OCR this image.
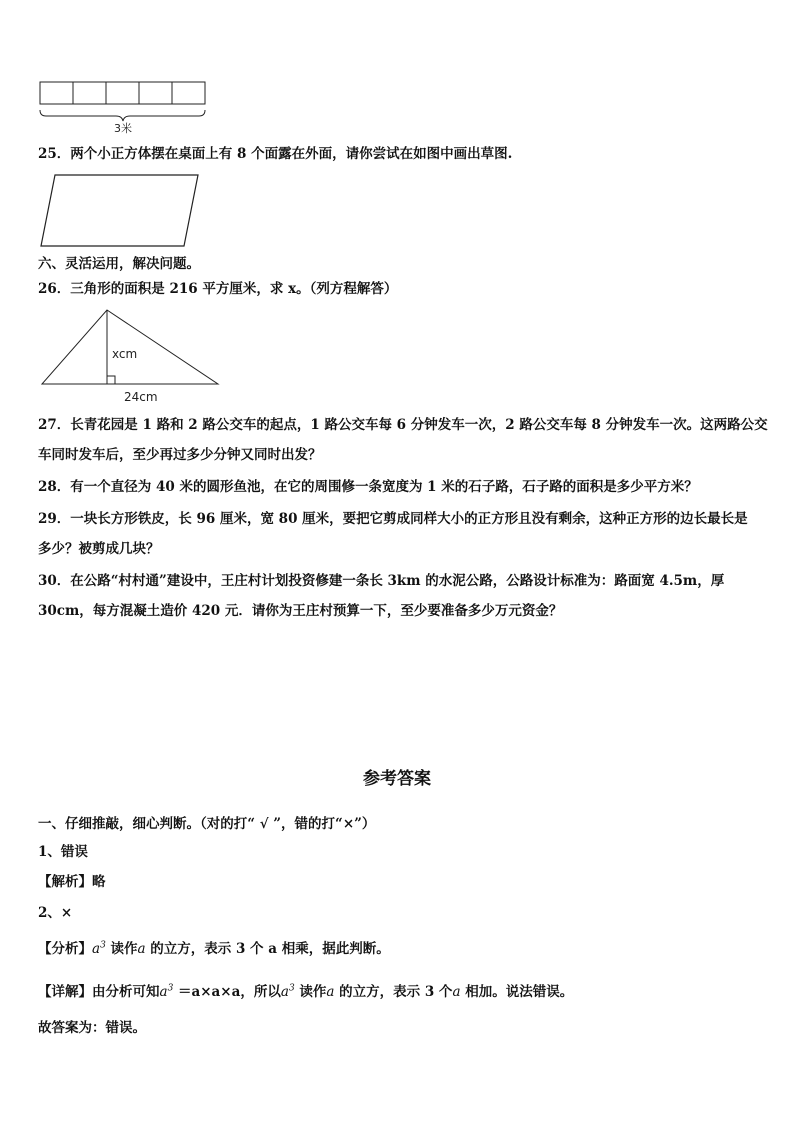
3米
25．两个小正方体摆在桌面上有 8 个面露在外面，请你尝试在如图中画出草图.
六、灵活运用，解决问题。
26．三角形的面积是 216 平方厘米，求 x。（列方程解答）
xcm
24cm
27．长青花园是 1 路和 2 路公交车的起点，1 路公交车每 6 分钟发车一次，2 路公交车每 8 分钟发车一次。这两路公交
车同时发车后，至少再过多少分钟又同时出发？
28．有一个直径为 40 米的圆形鱼池，在它的周围修一条宽度为 1 米的石子路，石子路的面积是多少平方米？
29．一块长方形铁皮，长 96 厘米，宽 80 厘米，要把它剪成同样大小的正方形且没有剩余，这种正方形的边长最长是
多少？被剪成几块？
30．在公路“村村通”建设中，王庄村计划投资修建一条长 3km 的水泥公路，公路设计标准为：路面宽 4.5m，厚
30cm，每方混凝土造价 420 元．请你为王庄村预算一下，至少要准备多少万元资金？
参考答案
一、仔细推敲，细心判断。（对的打“ √ ”，错的打“×”）
1、错误
【解析】略
2、×
【分析】$a^3$ 读作a 的立方，表示 3 个 a 相乘，据此判断。
【详解】由分析可知$a^3 =a\times a\times a$，所以$a^3$ 读作a 的立方，表示 3 个a 相加。说法错误。
故答案为：错误。
